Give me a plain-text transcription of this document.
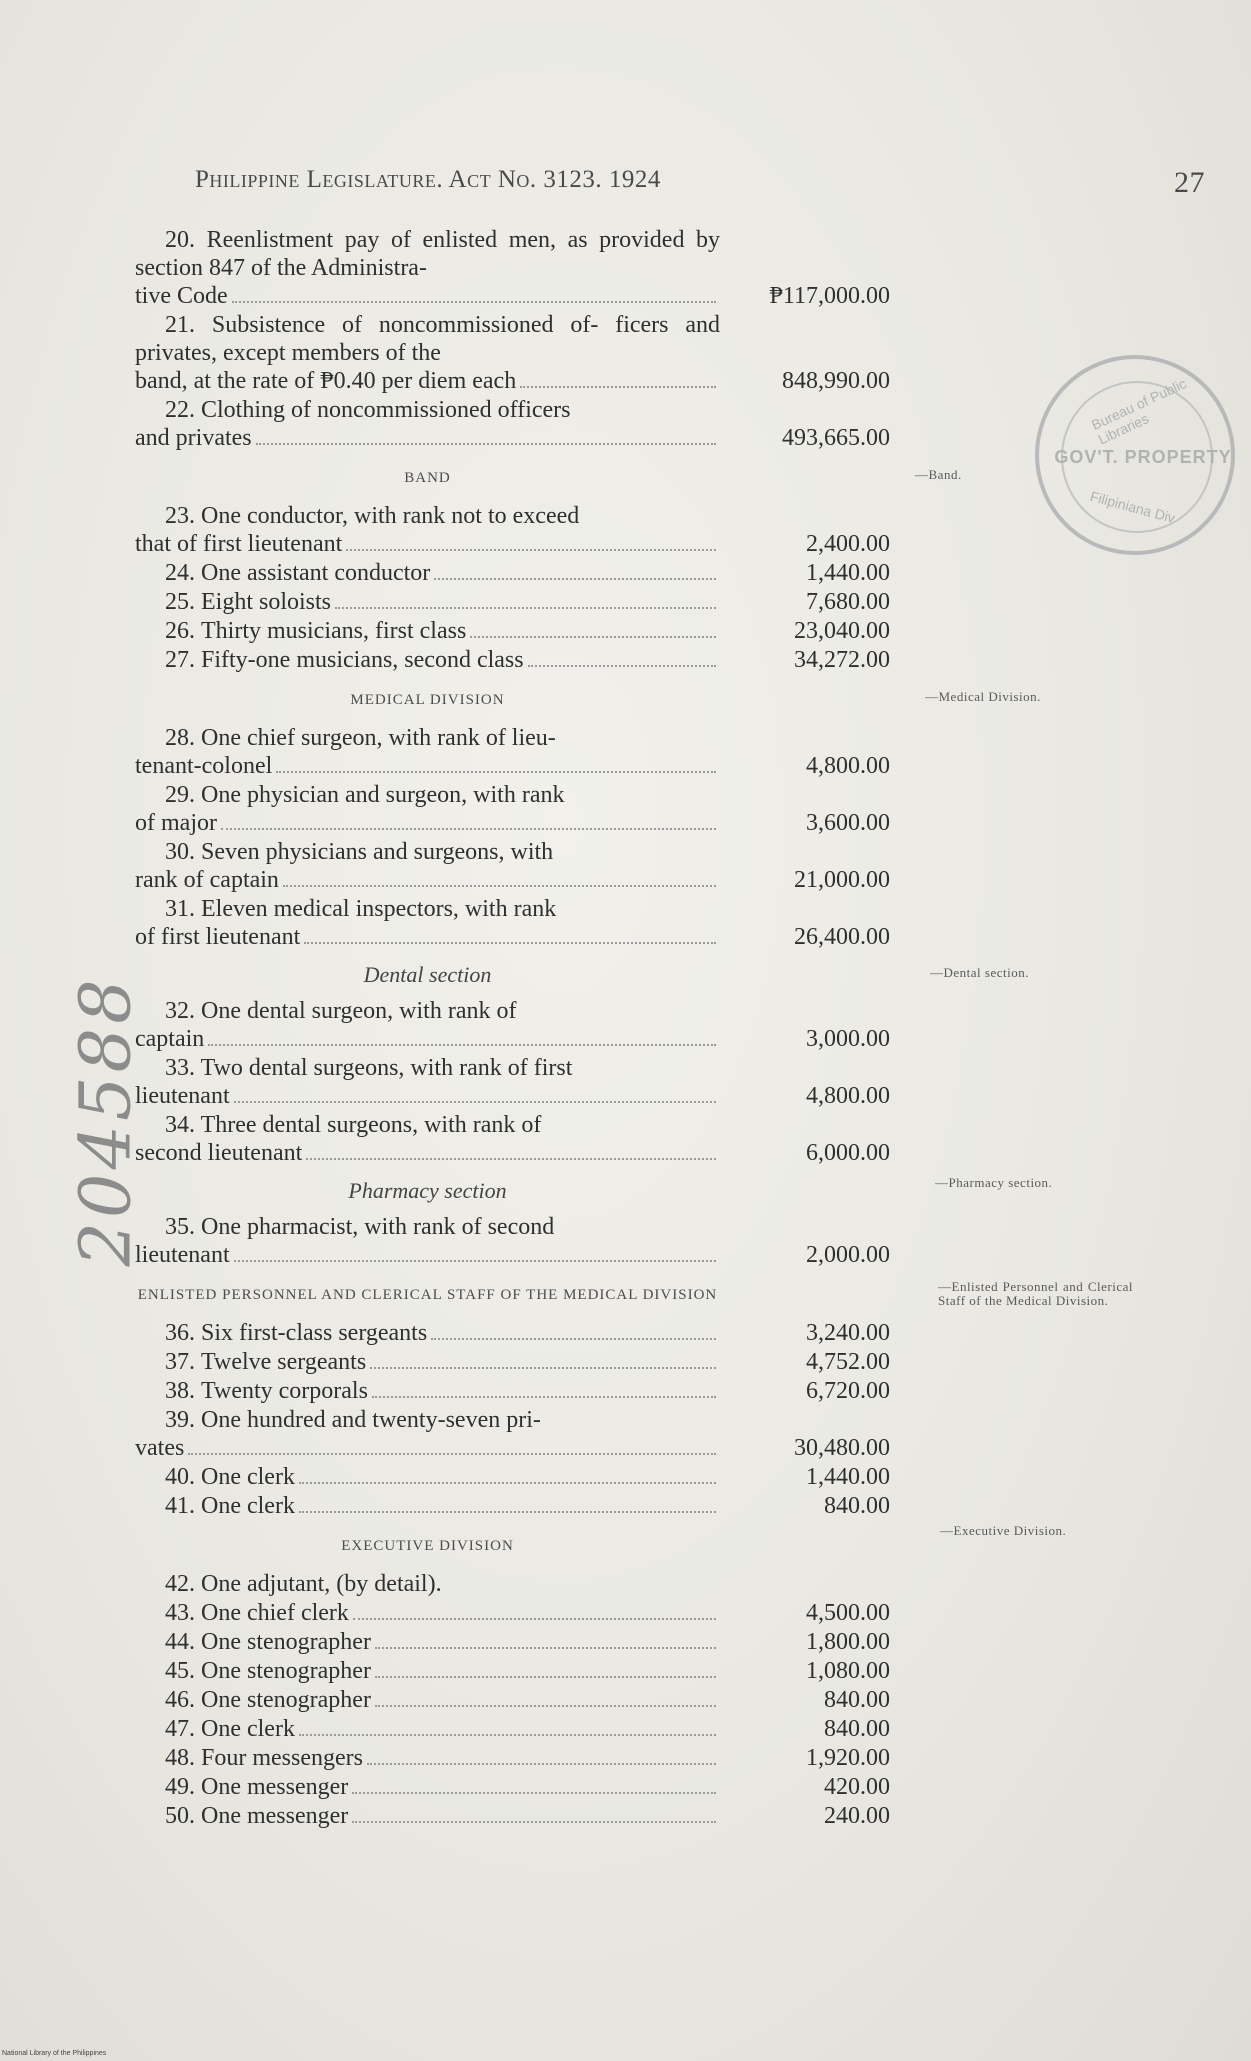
Philippine Legislature. Act No. 3123. 1924	27
Bureau of Public Libraries
GOV'T. PROPERTY
Filipiniana Div
204588
20. Reenlistment pay of enlisted men, as provided by section 847 of the Administra-
tive Code	₱117,000.00
21. Subsistence of noncommissioned of- ficers and privates, except members of the
band, at the rate of ₱0.40 per diem each	848,990.00
22. Clothing of noncommissioned officers
and privates	493,665.00
BAND
23. One conductor, with rank not to exceed
that of first lieutenant	2,400.00
24.
One assistant conductor	1,440.00
25.
Eight soloists	7,680.00
26.
Thirty musicians, first class	23,040.00
27.
Fifty-one musicians, second class	34,272.00
MEDICAL DIVISION
28. One chief surgeon, with rank of lieu-
tenant-colonel	4,800.00
29. One physician and surgeon, with rank
of major	3,600.00
30. Seven physicians and surgeons, with
rank of captain	21,000.00
31. Eleven medical inspectors, with rank
of first lieutenant	26,400.00
Dental section
32. One dental surgeon, with rank of
captain	3,000.00
33. Two dental surgeons, with rank of first
lieutenant	4,800.00
34. Three dental surgeons, with rank of
second lieutenant	6,000.00
Pharmacy section
35. One pharmacist, with rank of second
lieutenant	2,000.00
ENLISTED PERSONNEL AND CLERICAL STAFF OF THE MEDICAL DIVISION
36.
Six first-class sergeants	3,240.00
37.
Twelve sergeants	4,752.00
38.
Twenty corporals	6,720.00
39. One hundred and twenty-seven pri-
vates	30,480.00
40.
One clerk	1,440.00
41.
One clerk	840.00
EXECUTIVE DIVISION
42.
One adjutant, (by detail).
43.
One chief clerk	4,500.00
44.
One stenographer	1,800.00
45.
One stenographer	1,080.00
46.
One stenographer	840.00
47.
One clerk	840.00
48.
Four messengers	1,920.00
49.
One messenger	420.00
50.
One messenger	240.00
—Band.
—Medical Division.
—Dental section.
—Pharmacy section.
—Enlisted Personnel and Clerical Staff of the Medical Division.
—Executive Division.
National Library of the Philippines
